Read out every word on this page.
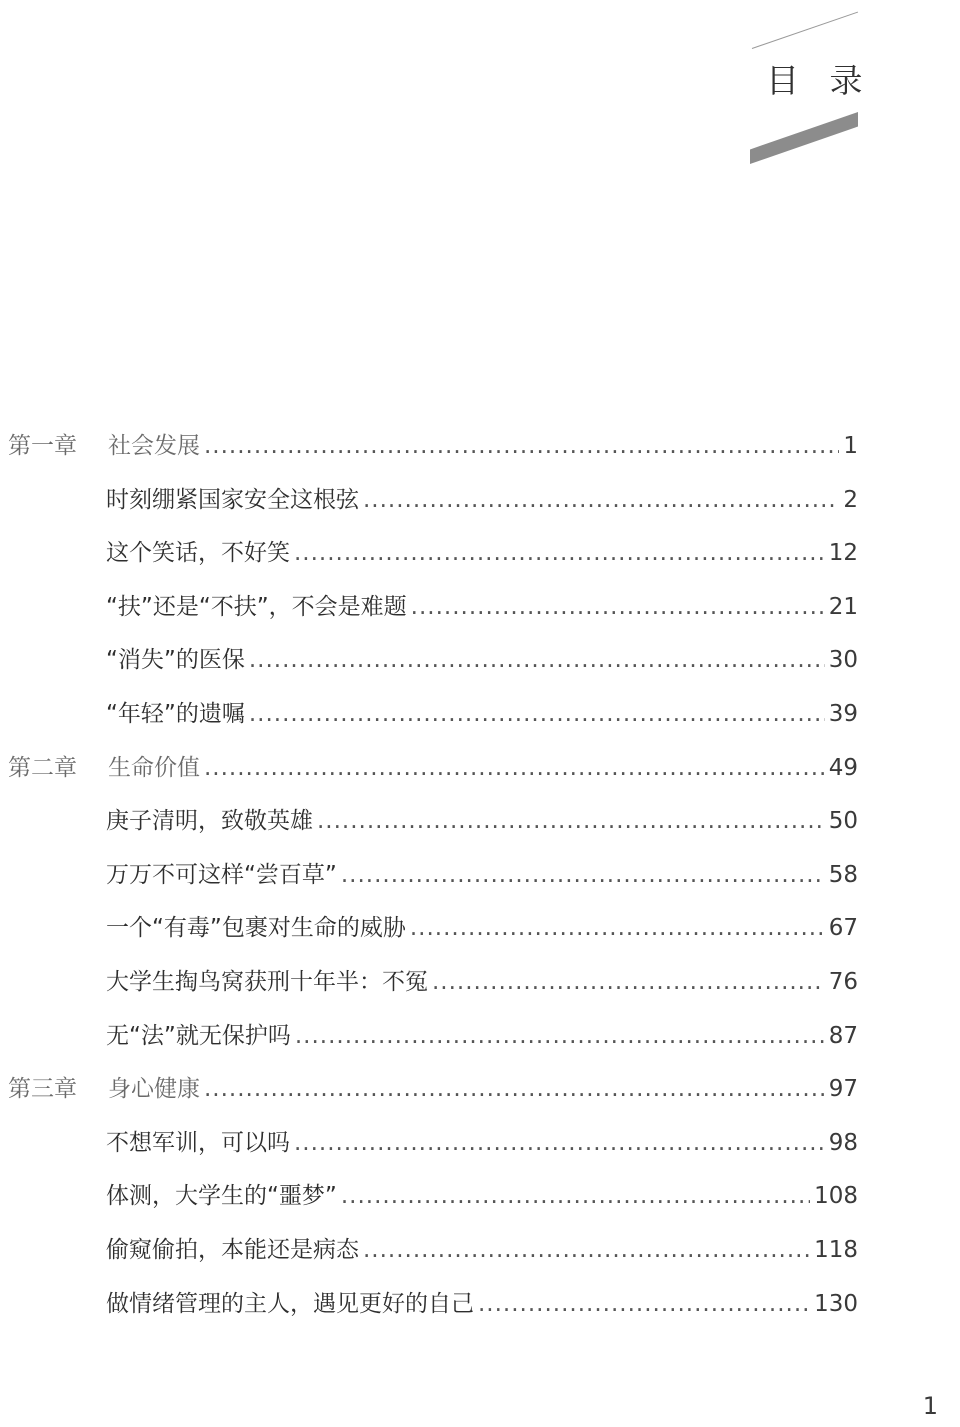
目 录
第一章	社会发展 .....	1
时刻绷紧国家安全这根弦 .....	2
这个笑话，不好笑 .....	12
“扶”还是“不扶”，不会是难题 .....	21
“消失”的医保 .....	30
“年轻”的遗嘱 .....	39
第二章	生命价值 .....	49
庚子清明，致敬英雄 .....	50
万万不可这样“尝百草” .....	58
一个“有毒”包裹对生命的威胁 .....	67
大学生掏鸟窝获刑十年半：不冤 .....	76
无“法”就无保护吗 .....	87
第三章	身心健康 .....	97
不想军训，可以吗 .....	98
体测，大学生的“噩梦” .....	108
偷窥偷拍，本能还是病态 .....	118
做情绪管理的主人，遇见更好的自己 .....	130
1
